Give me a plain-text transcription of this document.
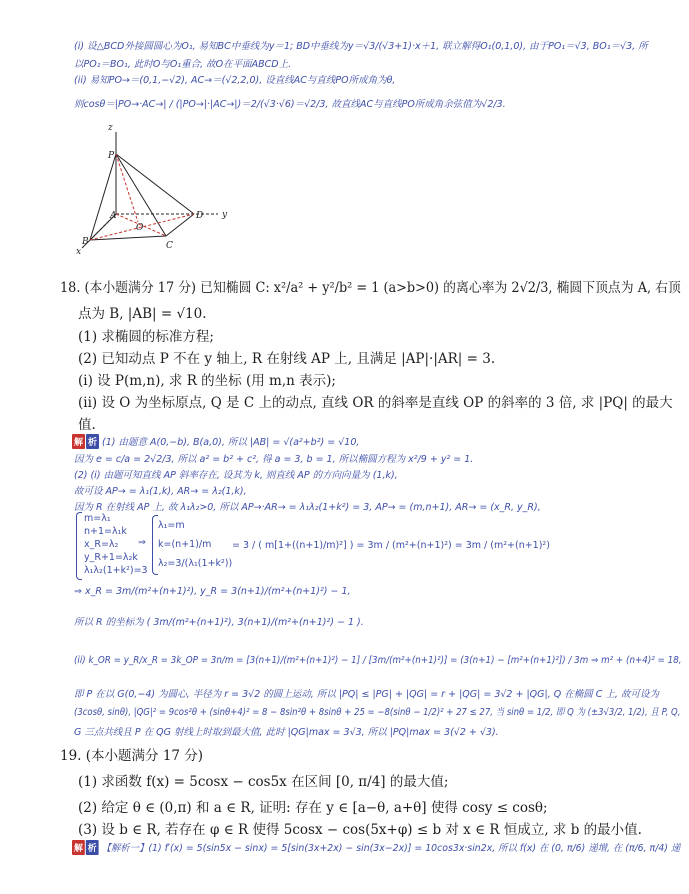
(i) 设△BCD外接圆圆心为O₁, 易知BC中垂线为y＝1; BD中垂线为y＝√3/(√3+1)·x＋1, 联立解得O₁(0,1,0), 由于PO₁＝√3, BO₁＝√3, 所
以PO₁＝BO₁, 此时O与O₁重合, 故O在平面ABCD上.
(ii) 易知PO→＝(0,1,−√2), AC→＝(√2,2,0), 设直线AC与直线PO所成角为θ,
则cosθ＝|PO→·AC→| / (|PO→|·|AC→|)＝2/(√3·√6)＝√2/3, 故直线AC与直线PO所成角余弦值为√2/3.
z
P
A
O
D y
B	C
x
18. (本小题满分 17 分) 已知椭圆 C: x²/a² + y²/b² = 1 (a>b>0) 的离心率为 2√2/3, 椭圆下顶点为 A, 右顶
点为 B, |AB| = √10.
(1) 求椭圆的标准方程;
(2) 已知动点 P 不在 y 轴上, R 在射线 AP 上, 且满足 |AP|·|AR| = 3.
(i) 设 P(m,n), 求 R 的坐标 (用 m,n 表示);
(ii) 设 O 为坐标原点, Q 是 C 上的动点, 直线 OR 的斜率是直线 OP 的斜率的 3 倍, 求 |PQ| 的最大
值.
解 析 (1) 由题意 A(0,−b), B(a,0), 所以 |AB| = √(a²+b²) = √10,
因为 e = c/a = 2√2/3, 所以 a² = b² + c², 得 a = 3, b = 1, 所以椭圆方程为 x²/9 + y² = 1.
(2) (i) 由题可知直线 AP 斜率存在, 设其为 k, 则直线 AP 的方向向量为 (1,k),
故可设 AP→ = λ₁(1,k), AR→ = λ₂(1,k),
因为 R 在射线 AP 上, 故 λ₁λ₂>0, 所以 AP→·AR→ = λ₁λ₂(1+k²) = 3, AP→ = (m,n+1), AR→ = (x_R, y_R),
m=λ₁
n+1=λ₁k
x_R=λ₂
y_R+1=λ₂k
λ₁λ₂(1+k²)=3
⇒
λ₁=m
k=(n+1)/m
λ₂=3/(λ₁(1+k²))
= 3 / ( m[1+((n+1)/m)²] ) = 3m / (m²+(n+1)²) = 3m / (m²+(n+1)²)
⇒ x_R = 3m/(m²+(n+1)²), y_R = 3(n+1)/(m²+(n+1)²) − 1,
所以 R 的坐标为 ( 3m/(m²+(n+1)²), 3(n+1)/(m²+(n+1)²) − 1 ).
(ii) k_OR = y_R/x_R = 3k_OP = 3n/m = [3(n+1)/(m²+(n+1)²) − 1] / [3m/(m²+(n+1)²)] = (3(n+1) − [m²+(n+1)²]) / 3m ⇒ m² + (n+4)² = 18,
即 P 在以 G(0,−4) 为圆心, 半径为 r = 3√2 的圆上运动, 所以 |PQ| ≤ |PG| + |QG| = r + |QG| = 3√2 + |QG|, Q 在椭圆 C 上, 故可设为
(3cosθ, sinθ), |QG|² = 9cos²θ + (sinθ+4)² = 8 − 8sin²θ + 8sinθ + 25 = −8(sinθ − 1/2)² + 27 ≤ 27, 当 sinθ = 1/2, 即 Q 为 (±3√3/2, 1/2), 且 P, Q,
G 三点共线且 P 在 QG 射线上时取到最大值, 此时 |QG|max = 3√3, 所以 |PQ|max = 3(√2 + √3).
19. (本小题满分 17 分)
(1) 求函数 f(x) = 5cosx − cos5x 在区间 [0, π/4] 的最大值;
(2) 给定 θ ∈ (0,π) 和 a ∈ R, 证明: 存在 y ∈ [a−θ, a+θ] 使得 cosy ≤ cosθ;
(3) 设 b ∈ R, 若存在 φ ∈ R 使得 5cosx − cos(5x+φ) ≤ b 对 x ∈ R 恒成立, 求 b 的最小值.
解 析 【解析一】(1) f′(x) = 5(sin5x − sinx) = 5[sin(3x+2x) − sin(3x−2x)] = 10cos3x·sin2x, 所以 f(x) 在 (0, π/6) 递增, 在 (π/6, π/4) 递
